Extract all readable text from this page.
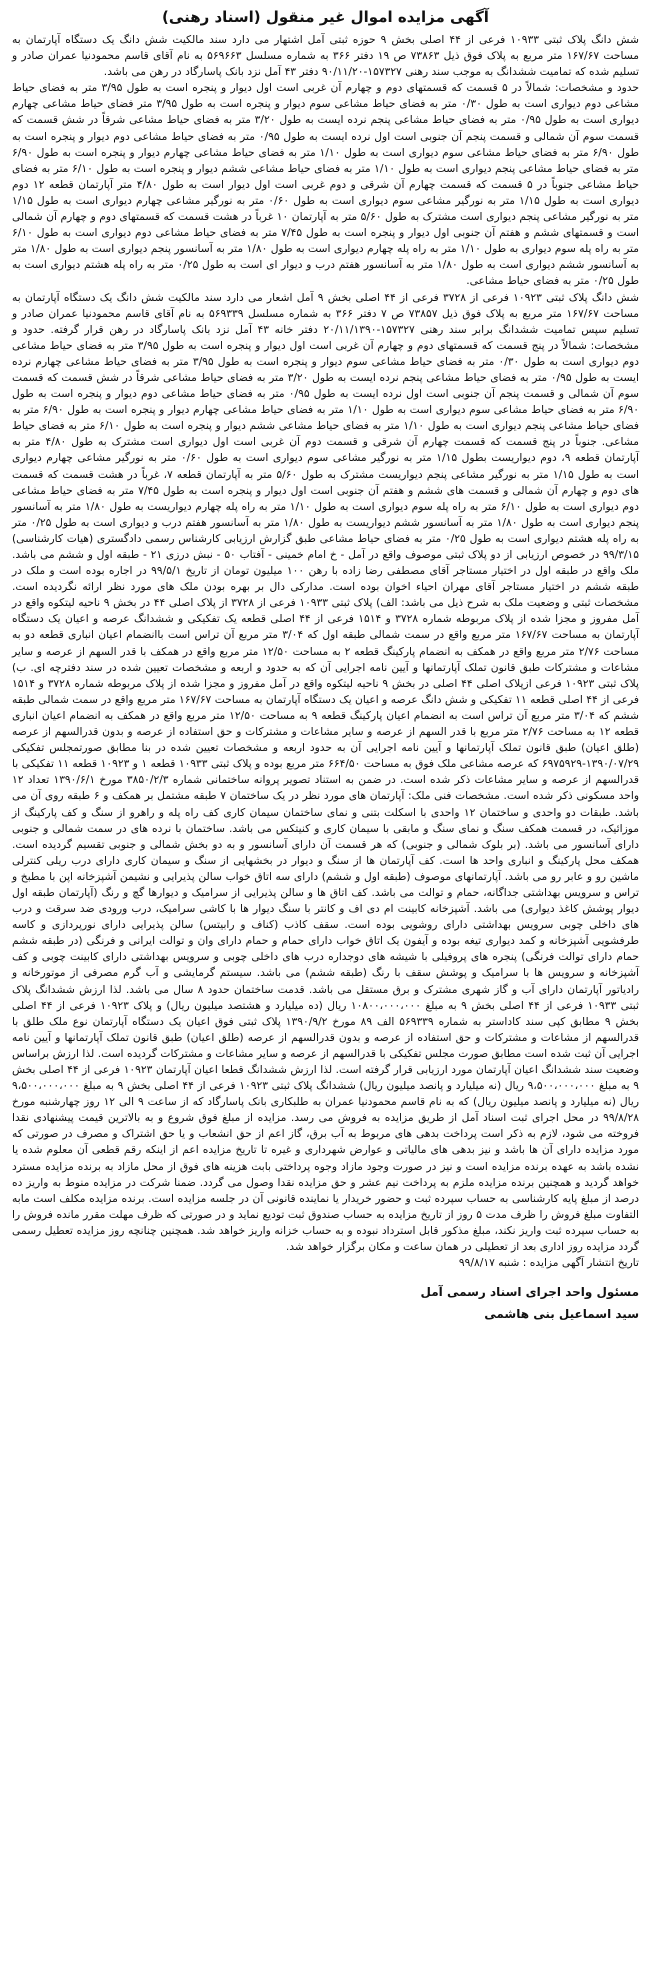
آگهی مزایده اموال غیر منقول (اسناد رهنی)

شش دانگ پلاک ثبتی ۱۰۹۳۳ فرعی از ۴۴ اصلی بخش ۹ حوزه ثبتی آمل اشتهار می دارد سند مالکیت شش دانگ یک دستگاه آپارتمان به مساحت ۱۶۷/۶۷ متر مربع به پلاک فوق ذیل ۷۳۸۶۳ ص ۱۹ دفتر ۳۶۶ به شماره مسلسل ۵۶۹۶۶۳ به نام آقای قاسم محمودنیا عمران صادر و تسلیم شده که تمامیت ششدانگ به موجب سند رهنی ۱۵۷۳۲۷-۹۰/۱۱/۲۰ دفتر ۴۳ آمل نزد بانک پاسارگاد در رهن می باشد.

حدود و مشخصات: شمالاً در ۵ قسمت که قسمتهای دوم و چهارم آن غربی است اول دیوار و پنجره است به طول ۳/۹۵ متر به فضای حیاط مشاعی دوم دیواری است به طول ۰/۳۰ متر به فضای حیاط مشاعی سوم دیوار و پنجره است به طول ۳/۹۵ متر فضای حیاط مشاعی چهارم دیواری است به طول ۰/۹۵ متر به فضای حیاط مشاعی پنجم نرده ایست به طول ۳/۲۰ متر به فضای حیاط مشاعی شرقاً در شش قسمت که قسمت سوم آن شمالی و قسمت پنجم آن جنوبی است اول نرده ایست به طول ۰/۹۵ متر به فضای حیاط مشاعی دوم دیوار و پنجره است به طول ۶/۹۰ متر به فضای حیاط مشاعی سوم دیواری است به طول ۱/۱۰ متر به فضای حیاط مشاعی چهارم دیوار و پنجره است به طول ۶/۹۰ متر به فضای حیاط مشاعی پنجم دیواری است به طول ۱/۱۰ متر به فضای حیاط مشاعی ششم دیوار و پنجره است به طول ۶/۱۰ متر به فضای حیاط مشاعی جنوباً در ۵ قسمت که قسمت چهارم آن شرقی و دوم غربی است اول دیوار است به طول ۴/۸۰ متر آپارتمان قطعه ۱۲ دوم دیواری است به طول ۱/۱۵ متر به نورگیر مشاعی سوم دیواری است به طول ۰/۶۰ متر به نورگیر مشاعی چهارم دیواری است به طول ۱/۱۵ متر به نورگیر مشاعی پنجم دیواری است مشترک به طول ۵/۶۰ متر به آپارتمان ۱۰ غرباً در هشت قسمت که قسمتهای دوم و چهارم آن شمالی است و قسمتهای ششم و هفتم آن جنوبی اول دیوار و پنجره است به طول ۷/۴۵ متر به فضای حیاط مشاعی دوم دیواری است به طول ۶/۱۰ متر به راه پله سوم دیواری به طول ۱/۱۰ متر به راه پله چهارم دیواری است به طول ۱/۸۰ متر به آسانسور پنجم دیواری است به طول ۱/۸۰ متر به آسانسور ششم دیواری است به طول ۱/۸۰ متر به آسانسور هفتم درب و دیوار ای است به طول ۰/۲۵ متر به راه پله هشتم دیواری است به طول ۰/۲۵ متر به فضای حیاط مشاعی.

شش دانگ پلاک ثبتی ۱۰۹۲۳ فرعی از ۳۷۲۸ فرعی از ۴۴ اصلی بخش ۹ آمل اشعار می دارد سند مالکیت شش دانگ یک دستگاه آپارتمان به مساحت ۱۶۷/۶۷ متر مربع به پلاک فوق ذیل ۷۳۸۵۷ ص ۷ دفتر ۳۶۶ به شماره مسلسل ۵۶۹۳۳۹ به نام آقای قاسم محمودنیا عمران صادر و تسلیم سپس تمامیت ششدانگ برابر سند رهنی ۱۵۷۳۲۷-۲۰/۱۱/۱۳۹۰ دفتر خانه ۴۳ آمل نزد بانک پاسارگاد در رهن قرار گرفته. حدود و مشخصات: شمالاً در پنج قسمت که قسمتهای دوم و چهارم آن غربی است اول دیوار و پنجره است به طول ۳/۹۵ متر به فضای حیاط مشاعی دوم دیواری است به طول ۰/۳۰ متر به فضای حیاط مشاعی سوم دیوار و پنجره است به طول ۳/۹۵ متر به فضای حیاط مشاعی چهارم نرده ایست به طول ۰/۹۵ متر به فضای حیاط مشاعی پنجم نرده ایست به طول ۳/۲۰ متر به فضای حیاط مشاعی شرقاً در شش قسمت که قسمت سوم آن شمالی و قسمت پنجم آن جنوبی است اول نرده ایست به طول ۰/۹۵ متر به فضای حیاط مشاعی دوم دیوار و پنجره است به طول ۶/۹۰ متر به فضای حیاط مشاعی سوم دیواری است به طول ۱/۱۰ متر به فضای حیاط مشاعی چهارم دیوار و پنجره است به طول ۶/۹۰ متر به فضای حیاط مشاعی پنجم دیواری است به طول ۱/۱۰ متر به فضای حیاط مشاعی ششم دیوار و پنجره است به طول ۶/۱۰ متر به فضای حیاط مشاعی. جنوباً در پنج قسمت که قسمت چهارم آن شرقی و قسمت دوم آن غربی است اول دیواری است مشترک به طول ۴/۸۰ متر به آپارتمان قطعه ۹، دوم دیواریست بطول ۱/۱۵ متر به نورگیر مشاعی سوم دیواری است به طول ۰/۶۰ متر به نورگیر مشاعی چهارم دیواری است به طول ۱/۱۵ متر به نورگیر مشاعی پنجم دیواریست مشترک به طول ۵/۶۰ متر به آپارتمان قطعه ۷، غرباً در هشت قسمت که قسمت های دوم و چهارم آن شمالی و قسمت های ششم و هفتم آن جنوبی است اول دیوار و پنجره است به طول ۷/۴۵ متر به فضای حیاط مشاعی دوم دیواری است به طول ۶/۱۰ متر به راه پله سوم دیواری است به طول ۱/۱۰ متر به راه پله چهارم دیواریست به طول ۱/۸۰ متر به آسانسور پنجم دیواری است به طول ۱/۸۰ متر به آسانسور ششم دیواریست به طول ۱/۸۰ متر به آسانسور هفتم درب و دیواری است به طول ۰/۲۵ متر به راه پله هشتم دیواری است به طول ۰/۲۵ متر به فضای حیاط مشاعی طبق گزارش ارزیابی کارشناس رسمی دادگستری (هیات کارشناسی) ۹۹/۳/۱۵ در خصوص ارزیابی از دو پلاک ثبتی موصوف واقع در آمل - خ امام خمینی - آفتاب ۵۰ - نبش درزی ۲۱ - طبقه اول و ششم می باشد. ملک واقع در طبقه اول در اختیار مستاجر آقای مصطفی رضا زاده با رهن ۱۰۰ میلیون تومان از تاریخ ۹۹/۵/۱ در اجاره بوده است و ملک در طبقه ششم در اختیار مستاجر آقای مهران احیاء اخوان بوده است. مدارکی دال بر بهره بودن ملک های مورد نظر ارائه نگردیده است. مشخصات ثبتی و وضعیت ملک به شرح ذیل می باشد: الف) پلاک ثبتی ۱۰۹۳۳ فرعی از ۳۷۲۸ از پلاک اصلی ۴۴ در بخش ۹ ناحیه لیتکوه واقع در آمل مفروز و مجزا شده از پلاک مربوطه شماره ۳۷۲۸ و ۱۵۱۴ فرعی از ۴۴ اصلی قطعه یک تفکیکی و ششدانگ عرصه و اعیان یک دستگاه آپارتمان به مساحت ۱۶۷/۶۷ متر مربع واقع در سمت شمالی طبقه اول که ۳/۰۴ متر مربع آن تراس است باانضمام اعیان انباری قطعه دو به مساحت ۲/۷۶ متر مربع واقع در همکف به انضمام پارکینگ قطعه ۲ به مساحت ۱۲/۵۰ متر مربع واقع در همکف با قدر السهم از عرصه و سایر مشاعات و مشترکات طبق قانون تملک آپارتمانها و آیین نامه اجرایی آن که به حدود و اربعه و مشخصات تعیین شده در سند دفترچه ای. ب) پلاک ثبتی ۱۰۹۲۳ فرعی ازپلاک اصلی ۴۴ اصلی در بخش ۹ ناحیه لیتکوه واقع در آمل مفروز و مجزا شده از پلاک مربوطه شماره ۳۷۲۸ و ۱۵۱۴ فرعی از ۴۴ اصلی قطعه ۱۱ تفکیکی و شش دانگ عرصه و اعیان یک دستگاه آپارتمان به مساحت ۱۶۷/۶۷ متر مربع واقع در سمت شمالی طبقه ششم که ۳/۰۴ متر مربع آن تراس است به انضمام اعیان پارکینگ قطعه ۹ به مساحت ۱۲/۵۰ متر مربع واقع در همکف به انضمام اعیان انباری قطعه ۱۲ به مساحت ۲/۷۶ متر مربع با قدر السهم از عرصه و سایر مشاعات و مشترکات و حق استفاده از عرصه و بدون قدرالسهم از عرصه (طلق اعیان) طبق قانون تملک آپارتمانها و آیین نامه اجرایی آن به حدود اربعه و مشخصات تعیین شده در بنا مطابق صورتمجلس تفکیکی ۱۳۹۰/۰۷/۲۹-۶۹۷۵۹۲۹ که عرصه مشاعی ملک فوق به مساحت ۶۶۴/۵۰ متر مربع بوده و پلاک ثبتی ۱۰۹۳۳ قطعه ۱ و ۱۰۹۲۳ قطعه ۱۱ تفکیکی با قدرالسهم از عرصه و سایر مشاعات ذکر شده است. در ضمن به استناد تصویر پروانه ساختمانی شماره ۳۸۵۰/۲/۳ مورخ ۱۳۹۰/۶/۱ تعداد ۱۲ واحد مسکونی ذکر شده است. مشخصات فنی ملک: آپارتمان های مورد نظر در یک ساختمان ۷ طبقه مشتمل بر همکف و ۶ طبقه روی آن می باشد. طبقات دو واحدی و ساختمان ۱۲ واحدی با اسکلت بتنی و نمای ساختمان سیمان کاری کف راه پله و راهرو از سنگ و کف پارکینگ از موزائیک، در قسمت همکف سنگ و نمای سنگ و مابقی با سیمان کاری و کنیتکس می باشد. ساختمان با نرده های در سمت شمالی و جنوبی دارای آسانسور می باشد. (بر بلوک شمالی و جنوبی) که هر قسمت آن دارای آسانسور و به دو بخش شمالی و جنوبی تقسیم گردیده است. همکف محل پارکینگ و انباری واحد ها است. کف آپارتمان ها از سنگ و دیوار در بخشهایی از سنگ و سیمان کاری دارای درب ریلی کنترلی ماشین رو و عابر رو می باشد. آپارتمانهای موصوف (طبقه اول و ششم) دارای سه اتاق خواب سالن پذیرایی و نشیمن آشپزخانه اپن با مطبخ و تراس و سرویس بهداشتی جداگانه، حمام و توالت می باشد. کف اتاق ها و سالن پذیرایی از سرامیک و دیوارها گچ و رنگ (آپارتمان طبقه اول دیوار پوشش کاغذ دیواری) می باشد. آشپزخانه کابینت ام دی اف و کانتر با سنگ دیوار ها با کاشی سرامیک، درب ورودی ضد سرقت و درب های داخلی چوبی سرویس بهداشتی دارای روشویی بوده است. سقف کاذب (کناف و رابیتس) سالن پذیرایی دارای نورپردازی و کاسه طرفشویی آشپزخانه و کمد دیواری تیغه بوده و آیفون یک اتاق خواب دارای حمام و حمام دارای وان و توالت ایرانی و فرنگی (در طبقه ششم حمام دارای توالت فرنگی) پنجره های پروفیلی با شیشه های دوجداره درب های داخلی چوبی و سرویس بهداشتی دارای کابینت چوبی و کف آشپزخانه و سرویس ها با سرامیک و پوشش سقف با رنگ (طبقه ششم) می باشد. سیستم گرمایشی و آب گرم مصرفی از موتورخانه و رادیاتور آپارتمان دارای آب و گاز شهری مشترک و برق مستقل می باشد. قدمت ساختمان حدود ۸ سال می باشد. لذا ارزش ششدانگ پلاک ثبتی ۱۰۹۳۳ فرعی از ۴۴ اصلی بخش ۹ به مبلغ ۱۰۸۰۰،۰۰۰،۰۰۰ ریال (ده میلیارد و هشتصد میلیون ریال) و پلاک ۱۰۹۲۳ فرعی از ۴۴ اصلی بخش ۹ مطابق کپی سند کاداستر به شماره ۵۶۹۳۳۹ الف ۸۹ مورخ ۱۳۹۰/۹/۲ پلاک ثبتی فوق اعیان یک دستگاه آپارتمان نوع ملک طلق با قدرالسهم از مشاعات و مشترکات و حق استفاده از عرصه و بدون قدرالسهم از عرصه (طلق اعیان) طبق قانون تملک آپارتمانها و آیین نامه اجرایی آن ثبت شده است مطابق صورت مجلس تفکیکی با قدرالسهم از عرصه و سایر مشاعات و مشترکات گردیده است. لذا ارزش براساس وضعیت سند ششدانگ اعیان آپارتمان مورد ارزیابی قرار گرفته است. لذا ارزش ششدانگ قطعا اعیان آپارتمان ۱۰۹۲۳ فرعی از ۴۴ اصلی بخش ۹ به مبلغ ۹،۵۰۰،۰۰۰،۰۰۰ ریال (نه میلیارد و پانصد میلیون ریال) ششدانگ پلاک ثبتی ۱۰۹۲۳ فرعی از ۴۴ اصلی بخش ۹ به مبلغ ۹،۵۰۰،۰۰۰،۰۰۰ ریال (نه میلیارد و پانصد میلیون ریال) که به نام قاسم محمودنیا عمران به طلبکاری بانک پاسارگاد که از ساعت ۹ الی ۱۲ روز چهارشنبه مورخ ۹۹/۸/۲۸ در محل اجرای ثبت اسناد آمل از طریق مزایده به فروش می رسد. مزایده از مبلغ فوق شروع و به بالاترین قیمت پیشنهادی نقدا فروخته می شود، لازم به ذکر است پرداخت بدهی های مربوط به آب برق، گاز اعم از حق انشعاب و یا حق اشتراک و مصرف در صورتی که مورد مزایده دارای آن ها باشد و نیز بدهی های مالیاتی و عوارض شهرداری و غیره تا تاریخ مزایده اعم از اینکه رقم قطعی آن معلوم شده یا نشده باشد به عهده برنده مزایده است و نیز در صورت وجود مازاد وجوه پرداختی بابت هزینه های فوق از محل مازاد به برنده مزایده مسترد خواهد گردید و همچنین برنده مزایده ملزم به پرداخت نیم عشر و حق مزایده نقدا وصول می گردد. ضمنا شرکت در مزایده منوط به واریز ده درصد از مبلغ پایه کارشناسی به حساب سپرده ثبت و حضور خریدار یا نماینده قانونی آن در جلسه مزایده است. برنده مزایده مکلف است مابه التفاوت مبلغ فروش را ظرف مدت ۵ روز از تاریخ مزایده به حساب صندوق ثبت تودیع نماید و در صورتی که ظرف مهلت مقرر مانده فروش را به حساب سپرده ثبت واریز نکند، مبلغ مذکور قابل استرداد نبوده و به حساب خزانه واریز خواهد شد. همچنین چنانچه روز مزایده تعطیل رسمی گردد مزایده روز اداری بعد از تعطیلی در همان ساعت و مکان برگزار خواهد شد.

تاریخ انتشار آگهی مزایده : شنبه ۹۹/۸/۱۷

مسئول واحد اجرای اسناد رسمی آمل
سید اسماعیل بنی هاشمی
